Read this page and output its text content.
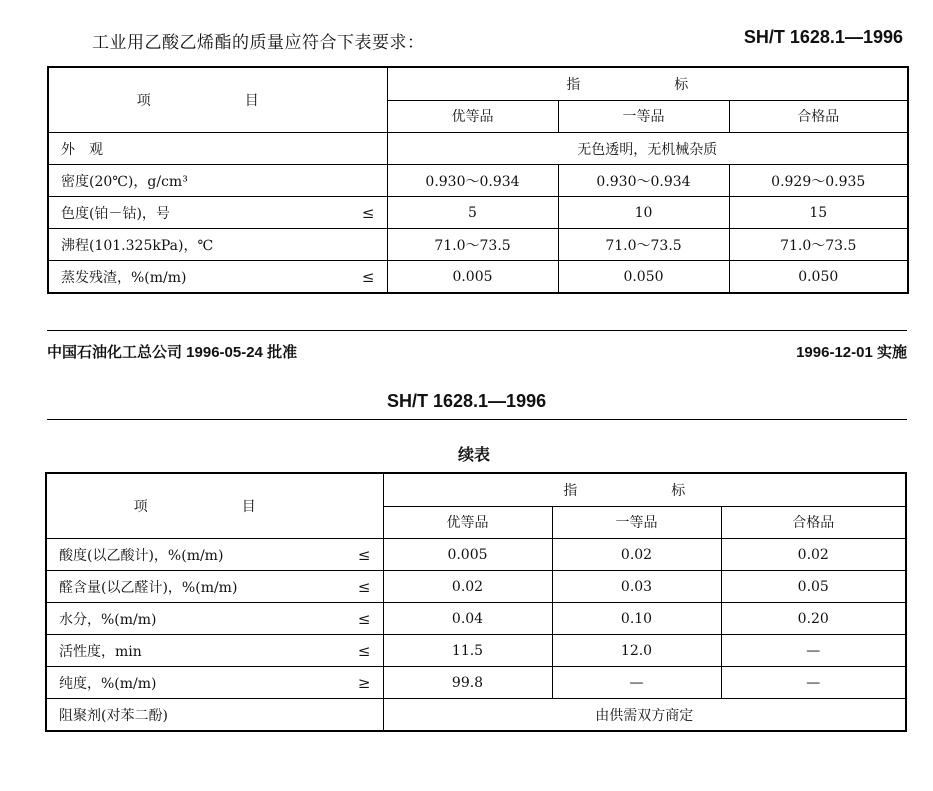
工业用乙酸乙烯酯的质量应符合下表要求：	SH/T 1628.1—1996
项　目	指　标		
	优等品	一等品	合格品
外　观	无色透明，无机械杂质		

密度(20℃)，g/cm³	0.930～0.934	0.930～0.934	0.929～0.935

色度(铂－钴)，号 ≤	5	10	15

沸程(101.325kPa)，℃	71.0～73.5	71.0～73.5	71.0～73.5

蒸发残渣，%(m/m) ≤	0.005	0.050	0.050
中国石油化工总公司 1996-05-24 批准	1996-12-01 实施
SH/T 1628.1—1996
续表
项　目	指　标		
	优等品	一等品	合格品

酸度(以乙酸计)，%(m/m) ≤	0.005	0.02	0.02

醛含量(以乙醛计)，%(m/m) ≤	0.02	0.03	0.05

水分，%(m/m) ≤	0.04	0.10	0.20

活性度，min ≤	11.5	12.0	—

纯度，%(m/m) ≥	99.8	—	—
阻聚剂(对苯二酚)	由供需双方商定		
